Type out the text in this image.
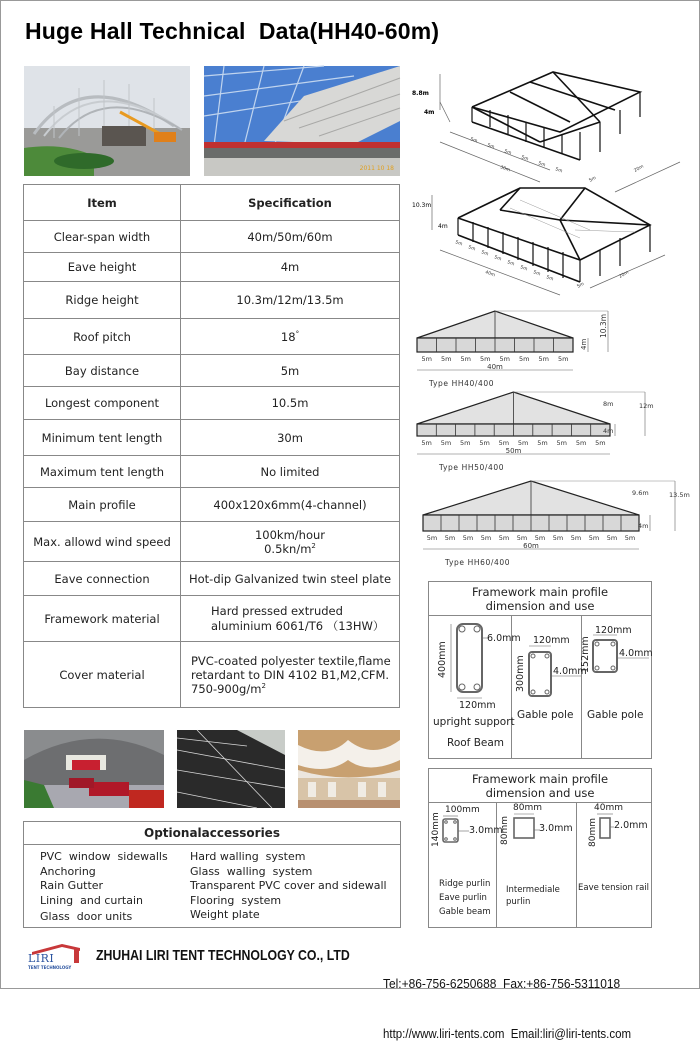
Huge Hall Technical  Data(HH40-60m)
2011 10 18
Item	Specification
Clear-span width	40m/50m/60m
Eave height	4m
Ridge height	10.3m/12m/13.5m
Roof pitch	18°
Bay distance	5m
Longest component	10.5m
Minimum tent length	30m
Maximum tent length	No limited
Main profile	400x120x6mm(4-channel)
Max. allowd wind speed	100km/hour
$0.5kn/m^2$

Eave connection	Hot-dip Galvanized twin steel plate
Framework material	Hard pressed extruded
aluminium 6061/T6 （13HW）

Cover material	PVC-coated polyester textile,flame
retardant to DIN 4102 B1,M2,CFM.
$750-900g/m^2$
8.8m
4m
5m
5m
5m
5m
5m
5m
30m
5m
20m
10.3m
4m
5m
5m
5m
5m
5m
5m
5m
5m
40m
5m
20m
5m 5m 5m 5m 5m 5m 5m 5m
40m
Type HH40/400
4m
10.3m
5m 5m 5m 5m 5m 5m 5m 5m 5m 5m
50m
Type HH50/400
4m
8m	12m
5m 5m 5m 5m 5m 5m 5m 5m 5m 5m 5m 5m
60m
Type HH60/400
4m
9.6m	13.5m
Framework main profile
dimension and use
400mm
6.0mm
120mm
upright support
Roof Beam
300mm
120mm
4.0mm
Gable pole
152mm
120mm
4.0mm
Gable pole
Framework main profile
dimension and use
140mm
100mm
3.0mm
Ridge purlin
Eave purlin
Gable beam
80mm
80mm
3.0mm
Intermediale
purlin
80mm
40mm
2.0mm
Eave tension rail
Optionalaccessories
PVC  window  sidewalls
Anchoring
Rain Gutter
Lining  and curtain
Glass  door units
Hard walling  system
Glass  walling  system
Transparent PVC cover and sidewall
Flooring  system
Weight plate
LIRI
TENT TECHNOLOGY
ZHUHAI LIRI TENT TECHNOLOGY CO., LTD

Tel:+86-756-6250688  Fax:+86-756-5311018

http://www.liri-tents.com  Email:liri@liri-tents.com
